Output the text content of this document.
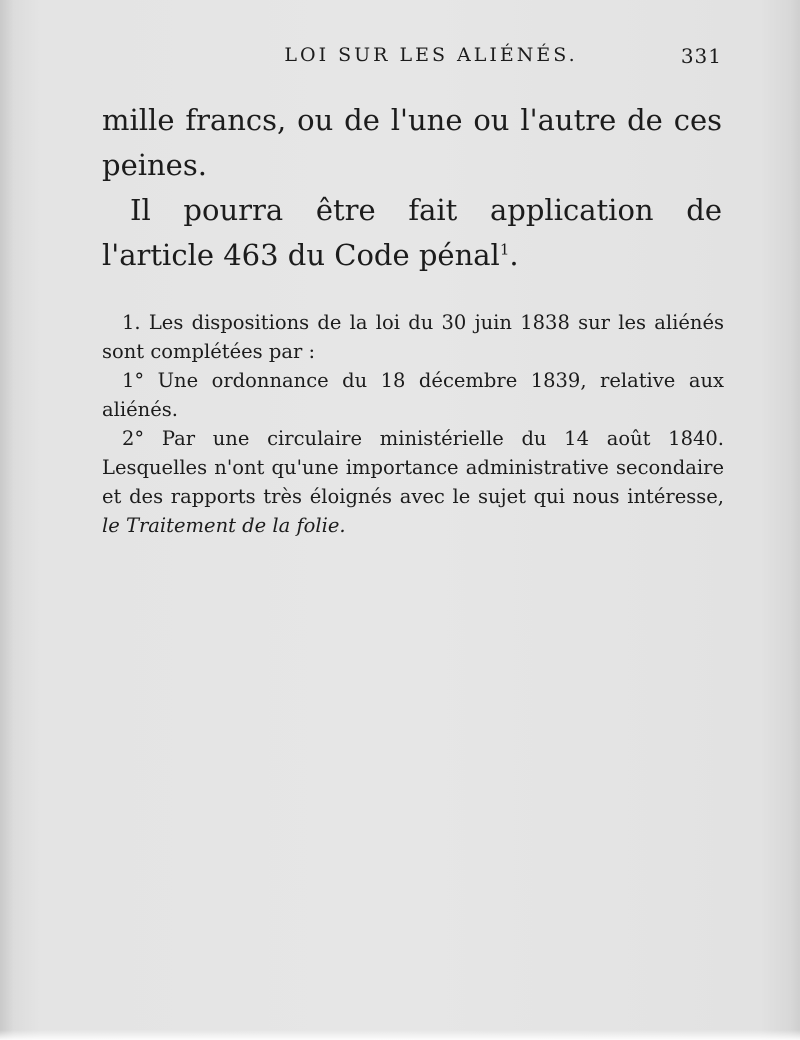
LOI SUR LES ALIÉNÉS.	331

mille francs, ou de l'une ou l'autre de ces peines.

Il pourra être fait application de l'article 463 du Code pénal$^1$.

1. Les dispositions de la loi du 30 juin 1838 sur les aliénés sont complétées par :

1° Une ordonnance du 18 décembre 1839, relative aux aliénés.

2° Par une circulaire ministérielle du 14 août 1840. Lesquelles n'ont qu'une importance administrative secondaire et des rapports très éloignés avec le sujet qui nous intéresse, le Traitement de la folie.
